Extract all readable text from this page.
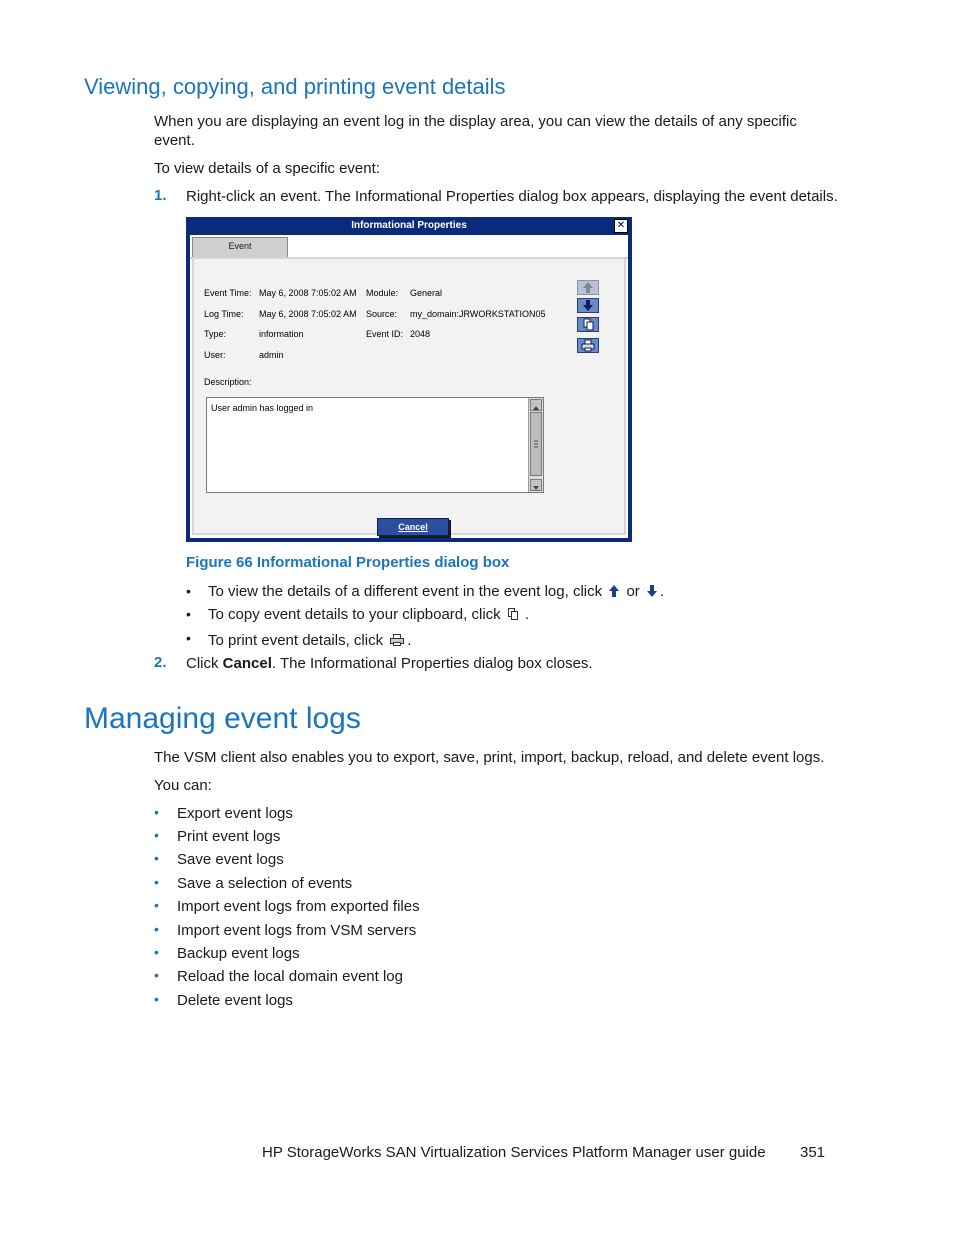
Viewing, copying, and printing event details
When you are displaying an event log in the display area, you can view the details of any specific
event.
To view details of a specific event:
1. Right-click an event. The Informational Properties dialog box appears, displaying the event details.
Informational Properties	✕
Event
Event Time: May 6, 2008 7:05:02 AM
Log Time: May 6, 2008 7:05:02 AM
Type:	information
User:	admin
Module: General
Source: my_domain:JRWORKSTATION05
Event ID: 2048
Description:
User admin has logged in
Cancel
Figure 66 Informational Properties dialog box
• To view the details of a different event in the event log, click  or .
• To copy event details to your clipboard, click  .
• To print event details, click .
2. Click Cancel. The Informational Properties dialog box closes.
Managing event logs
The VSM client also enables you to export, save, print, import, backup, reload, and delete event logs.
You can:
• Export event logs
• Print event logs
• Save event logs
• Save a selection of events
• Import event logs from exported files
• Import event logs from VSM servers
• Backup event logs
• Reload the local domain event log
• Delete event logs
HP StorageWorks SAN Virtualization Services Platform Manager user guide 351
